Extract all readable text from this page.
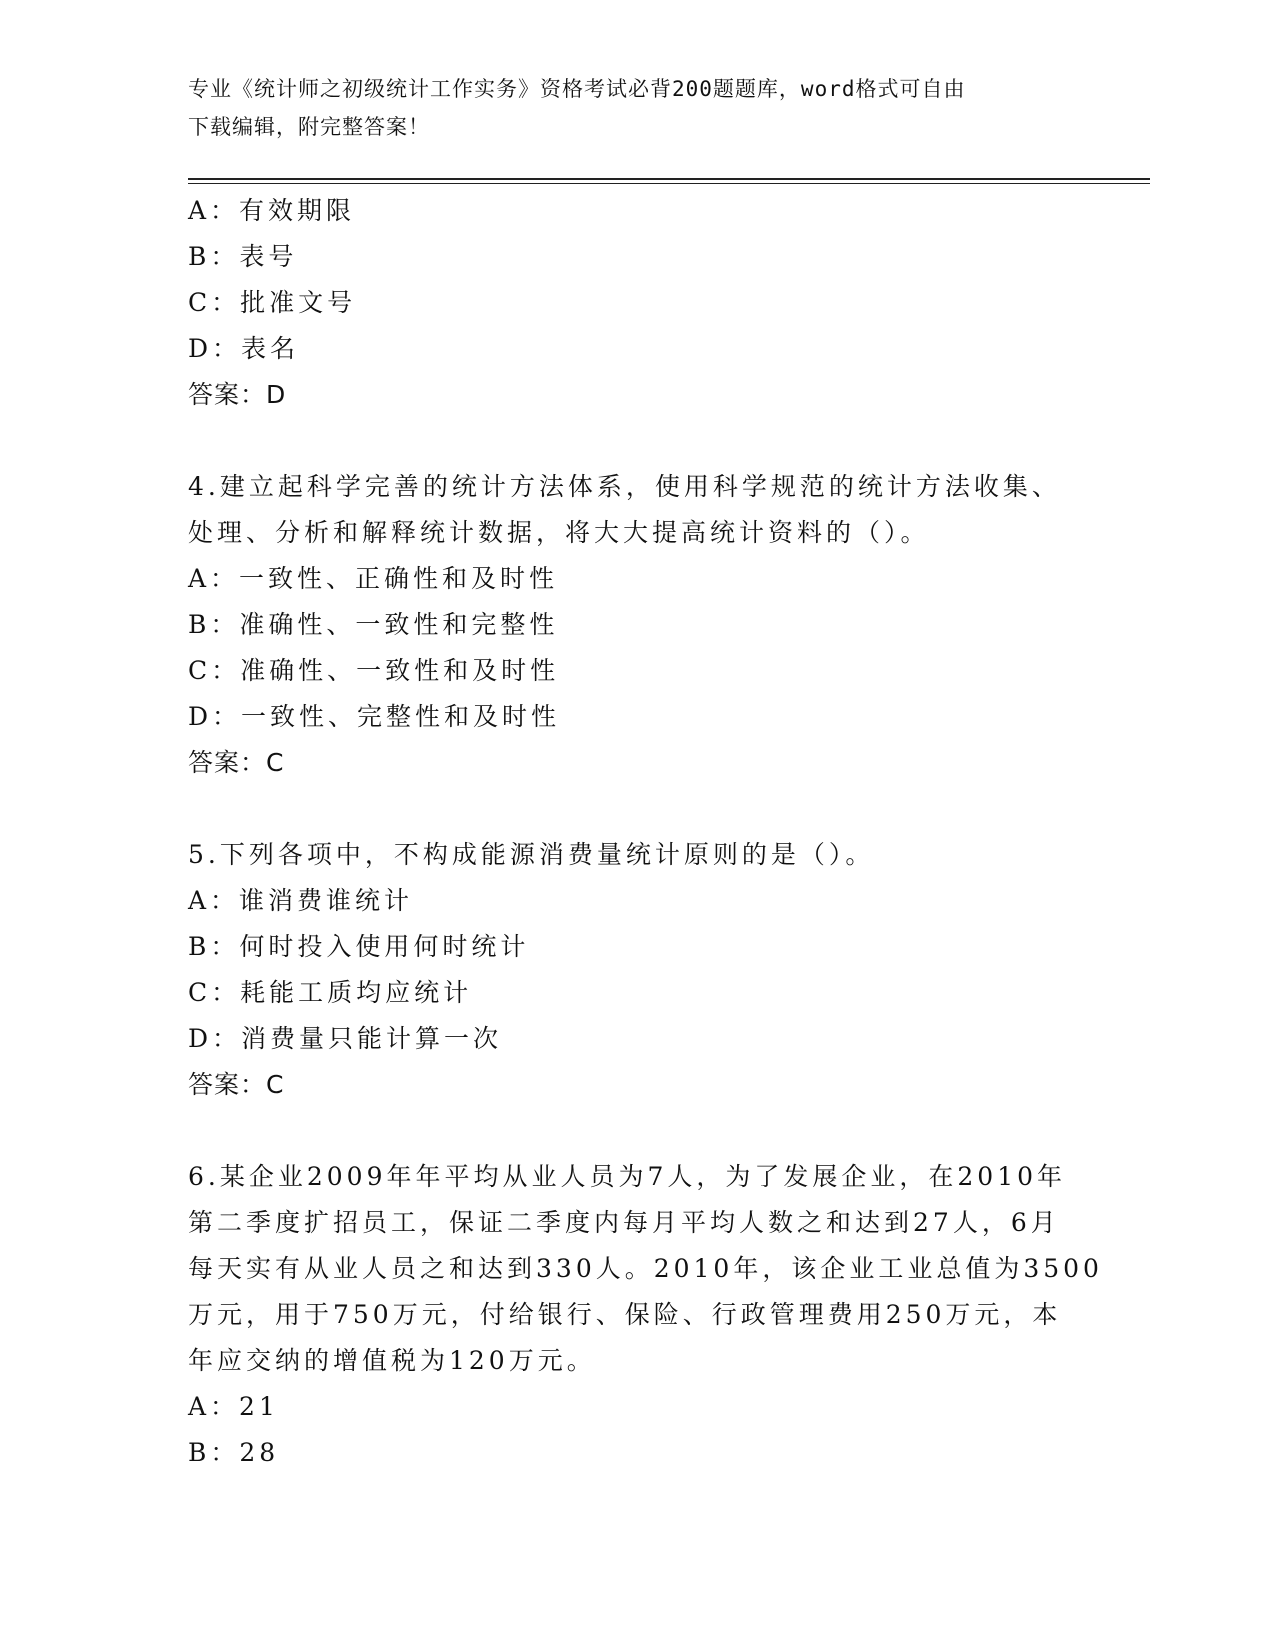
专业《统计师之初级统计工作实务》资格考试必背200题题库，word格式可自由
下载编辑，附完整答案！
A：有效期限
B：表号
C：批准文号
D：表名
答案：D
4.建立起科学完善的统计方法体系，使用科学规范的统计方法收集、
处理、分析和解释统计数据，将大大提高统计资料的（）。
A：一致性、正确性和及时性
B：准确性、一致性和完整性
C：准确性、一致性和及时性
D：一致性、完整性和及时性
答案：C
5.下列各项中，不构成能源消费量统计原则的是（）。
A：谁消费谁统计
B：何时投入使用何时统计
C：耗能工质均应统计
D：消费量只能计算一次
答案：C
6.某企业2009年年平均从业人员为7人，为了发展企业，在2010年
第二季度扩招员工，保证二季度内每月平均人数之和达到27人，6月
每天实有从业人员之和达到330人。2010年，该企业工业总值为3500
万元，用于750万元，付给银行、保险、行政管理费用250万元，本
年应交纳的增值税为120万元。
A：21
B：28
